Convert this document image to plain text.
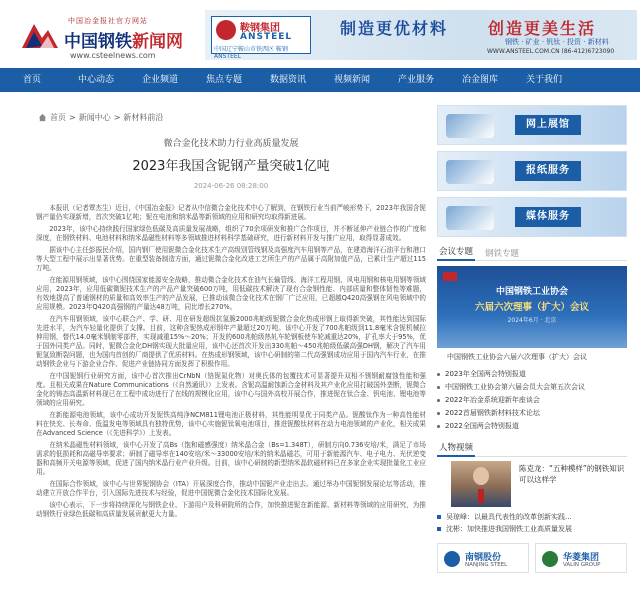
中国冶金报社官方网站
中国钢铁新闻网
www.csteelnews.com
鞍钢集团
ANSTEEL
中国辽宁鞍山市铁西区 鞍钢 ANSTEEL
制造更优材料 创造更美生活
钢铁 · 矿业 · 钒钛 · 投资 · 新材料
WWW.ANSTEEL.COM.CN (86-412)6723090
首页	中心动态	企业频道	焦点专题	数据资讯	视频新闻	产业服务	冶金图库	关于我们
首页 > 新闻中心 > 新材料前沿
微合金化技术助力行业高质量发展
2023年我国含铌钢产量突破1亿吨
2024-06-26 08:28:00

本报讯（记者覃杰生）近日，《中国冶金报》记者从中信微合金化技术中心了解到，在钢铁行业当前严峻形势下，2023年我国含铌钢产量仍实现新增，首次突破1亿吨；铌在电池和纳米晶等新领域的应用和研究均取得新进展。

2023年，该中心持续践行国家绿色低碳及高质量发展战略，组织了70余项研发和推广合作项目，并不断延伸产业链合作的广度和深度，在钢铁材料、电池材料和纳米晶磁性材料等多领域推进材料科学基础研究，进行新材料开发与推广应用，取得显著成效。

据该中心主任彭振民介绍，国内钢厂使用铌微合金化技术生产高级别管线钢及高强度汽车用钢等产品，在建造海洋石油平台和港口等大型工程中展示出显著优势。在重型装备制造方面，通过铌微合金化改进工艺所生产的产品属于高附加值产品，已累计生产超过115万吨。

在能源用钢领域，该中心围绕国家能源安全战略，推动微合金化技术在油气长输管线、海洋工程用钢、风电用钢和核电用钢等领域应用，2023年，应用低碳微铌技术生产的产品产量突破600万吨，用低碳技术解决了现有合金钢性能、内部质量和整体韧性等难题，有效地提高了普通钢材的质量和高效率生产的产品发展，已推动该微合金化技术在钢厂广泛应用，已超越Q420高强钢在风电领域中的应用规模。2023年Q420高强钢的产量达48万吨，同比增长270%。

在汽车用钢领域，该中心联合产、学、研、用在研发超级抗氢脆2000兆帕级铌微合金化热成形钢上取得新突破，其性能达到国际先进水平，为汽车轻量化提供了支撑。目前，这种含铌热成形钢年产量超过20万吨。该中心开发了700兆帕级到11.8毫米含铌机械拉伸用钢，替代14.0毫米钢制零部件，实现减重15%～20%；开发的600兆帕级热轧车轮钢板使车轮减重达20%，扩孔率大于95%，优于国外同类产品。同时，铌微合金化DH钢实现大批量应用，该中心还首次开发出330兆帕～450兆帕级低碳高强DH钢，解决了汽车用铌氢致断裂问题，也为国内首创的厂商提供了优质材料。在热成形钢领域，该中心研制的第二代高强钢成功应用于国内汽车行业，在推动钢铁企业与下游企业合作、促进产业链协同方面发挥了积极作用。

在中国铌钢行业研究方面，该中心首次推出CrNbN（铬铌氮化物）对奥氏体的包覆技术可显著提升双相不锈钢耐腐蚀性能和强度。且相关成果在Nature Communications（《自然通讯》）上发表。含铌高温耐蚀新合金材料及其产业化应用打破国外垄断，铌微合金化的铸态高温新材料现已在工程中成功进行了在线的规模化应用，该中心与国外高校开展合作，推进铌在钛合金、钒电池、锂电池等领域的应用研究。

在新能源电池领域，该中心成功开发铌铁高纯净NCM811锂电池正极材料，其性能明显优于同类产品。铌酸钛作为一种高性能材料在快充、长寿命、低温发电等领域具有独特优势，该中心实施铌钛氧电池项目，推进铌酸钛材料在动力电池领域的产业化，相关成果在Advanced Science（《先进科学》）上发表。

在纳米晶磁性材料领域，该中心开发了高Bs（饱和磁感强度）纳米晶合金（Bs=1.348T），研制方向0.736安培/米，满足了市场需求的低损耗和高磁导率要求；研制了磁导率在140安培/米～33000安培/米的纳米晶磁芯，可用于新能源汽车、电子电力、光伏逆变器和高频开关电源等领域，促进了国内纳米晶行业产业升级。目前，该中心研制的新型纳米晶软磁材料已在多家企业实现批量化工业应用。

在国际合作领域，该中心与世界铌钢协会（ITA）开展深度合作，推动中国铌产业走出去。通过举办中国铌钢发展论坛等活动，推动建立开放合作平台，引入国际先进技术与经验，促进中国铌微合金化技术国际化发展。

该中心表示，下一步将持续深化与钢铁企业、下游用户及科研院所的合作，加快推进铌在新能源、新材料等领域的应用研究，为推动钢铁行业绿色低碳和高质量发展贡献更大力量。

网上展馆
报纸服务
媒体服务
会议专题 钢铁专题
中国钢铁工业协会
六届六次理事（扩大）会议
2024年6月 · 北京
中国钢铁工业协会六届六次理事（扩大）会议
2023年全国两会特别报道
中国钢铁工业协会第六届会员大会第五次会议
2022年冶金系统迎新年座谈会
2022首届钢铁新材料技术论坛
2022全国两会特别报道
人物视频
陈克龙：“五种模样”的钢铁知识可以这样学
吴琼峰：以最具代表性的改革创新实践...
沈彬：加快推进我国钢铁工业高质量发展
南钢股份
NANJING STEEL
华菱集团
VALIN GROUP
